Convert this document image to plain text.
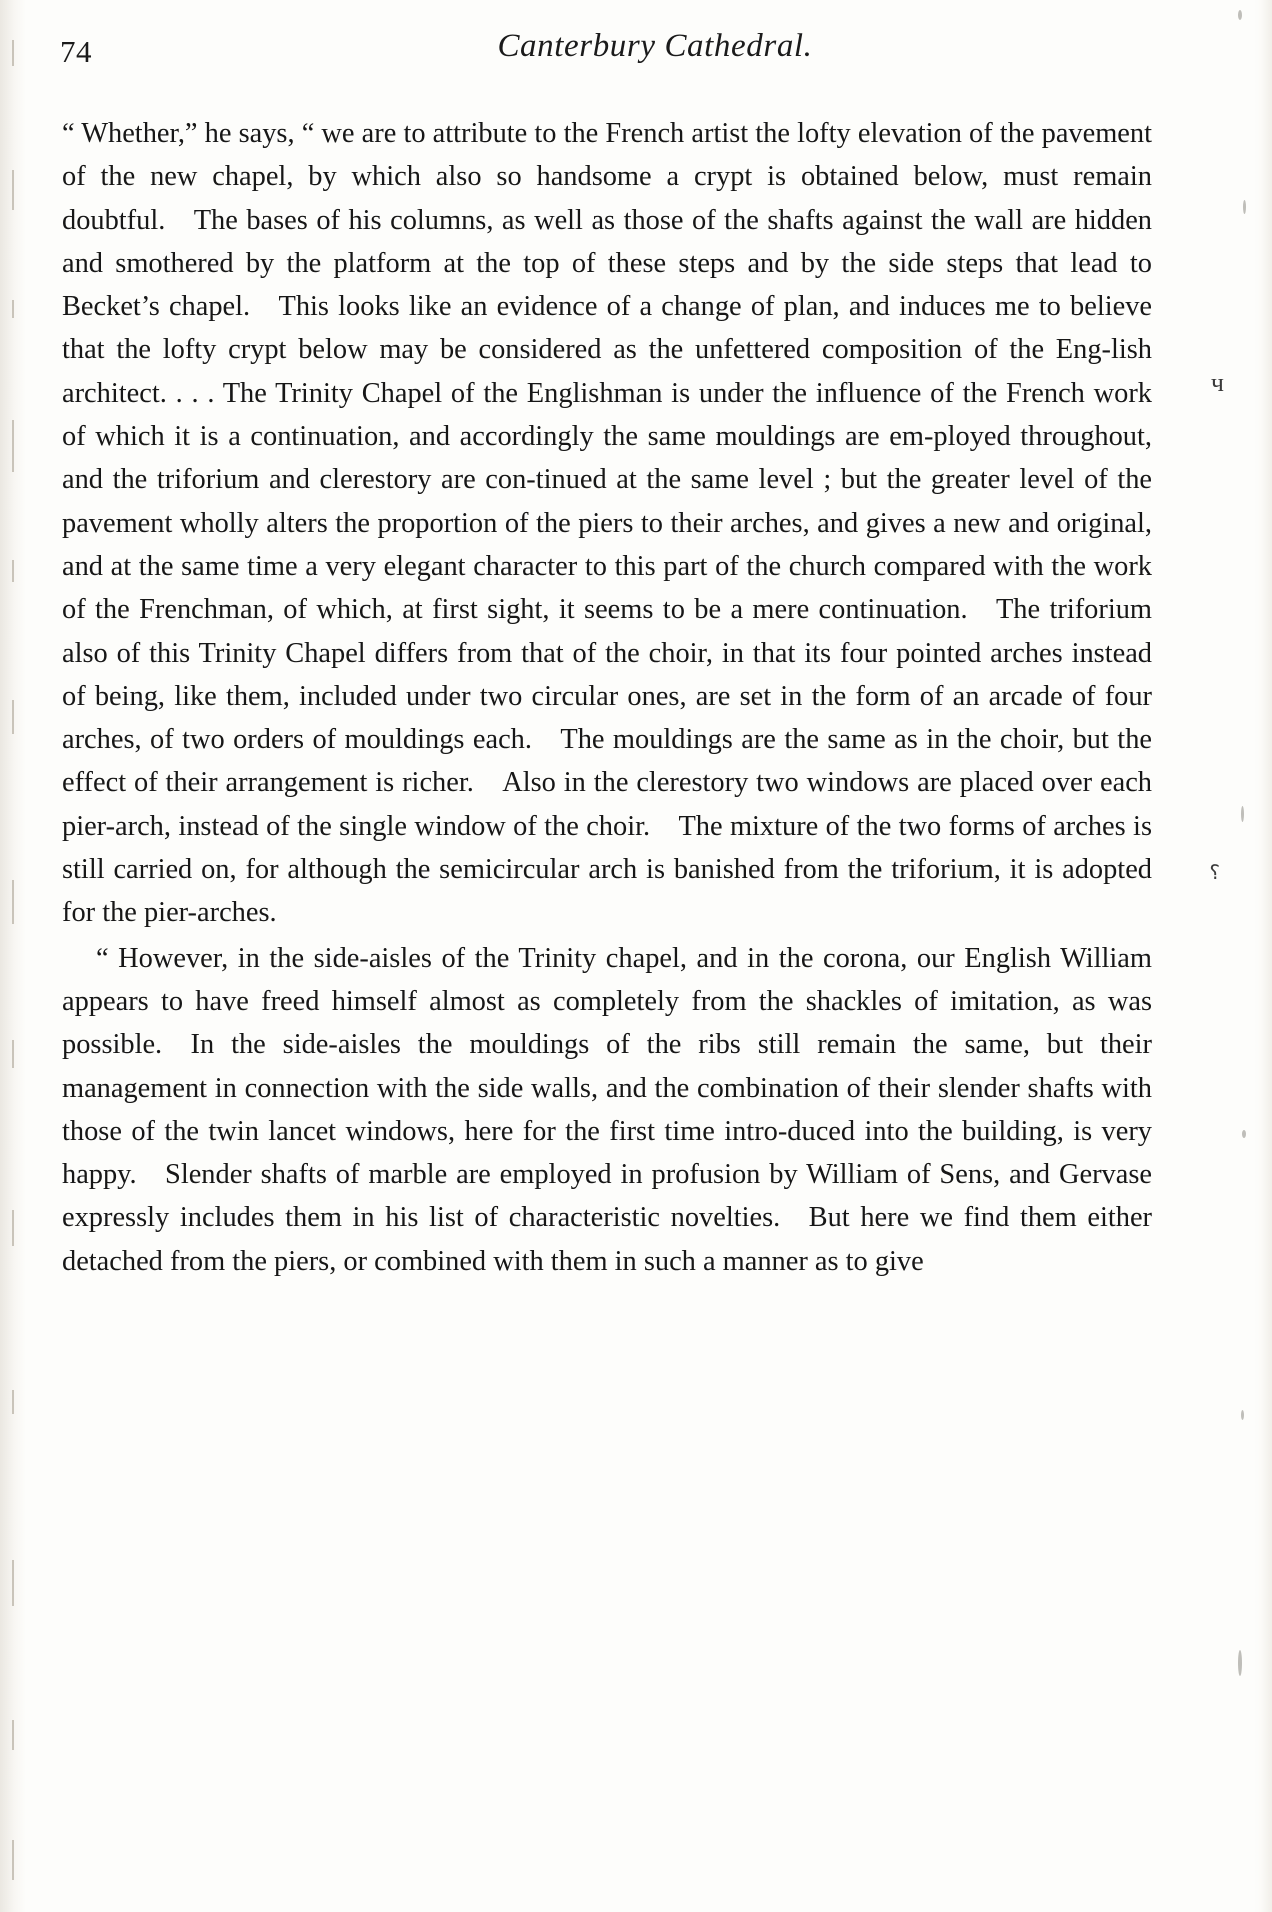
74	Canterbury Cathedral.

“ Whether,” he says, “ we are to attribute to the French artist the lofty elevation of the pavement of the new chapel, by which also so handsome a crypt is obtained below, must remain doubtful. The bases of his columns, as well as those of the shafts against the wall are hidden and smothered by the platform at the top of these steps and by the side steps that lead to Becket’s chapel. This looks like an evidence of a change of plan, and induces me to believe that the lofty crypt below may be considered as the unfettered composition of the Eng-lish architect. . . . The Trinity Chapel of the Englishman is under the influence of the French work of which it is a continuation, and accordingly the same mouldings are em-ployed throughout, and the triforium and clerestory are con-tinued at the same level ; but the greater level of the pavement wholly alters the proportion of the piers to their arches, and gives a new and original, and at the same time a very elegant character to this part of the church compared with the work of the Frenchman, of which, at first sight, it seems to be a mere continuation. The triforium also of this Trinity Chapel differs from that of the choir, in that its four pointed arches instead of being, like them, included under two circular ones, are set in the form of an arcade of four arches, of two orders of mouldings each. The mouldings are the same as in the choir, but the effect of their arrangement is richer. Also in the clerestory two windows are placed over each pier-arch, instead of the single window of the choir. The mixture of the two forms of arches is still carried on, for although the semicircular arch is banished from the triforium, it is adopted for the pier-arches.

“ However, in the side-aisles of the Trinity chapel, and in the corona, our English William appears to have freed himself almost as completely from the shackles of imitation, as was possible. In the side-aisles the mouldings of the ribs still remain the same, but their management in connection with the side walls, and the combination of their slender shafts with those of the twin lancet windows, here for the first time intro-duced into the building, is very happy. Slender shafts of marble are employed in profusion by William of Sens, and Gervase expressly includes them in his list of characteristic novelties. But here we find them either detached from the piers, or combined with them in such a manner as to give

ч
⸮
